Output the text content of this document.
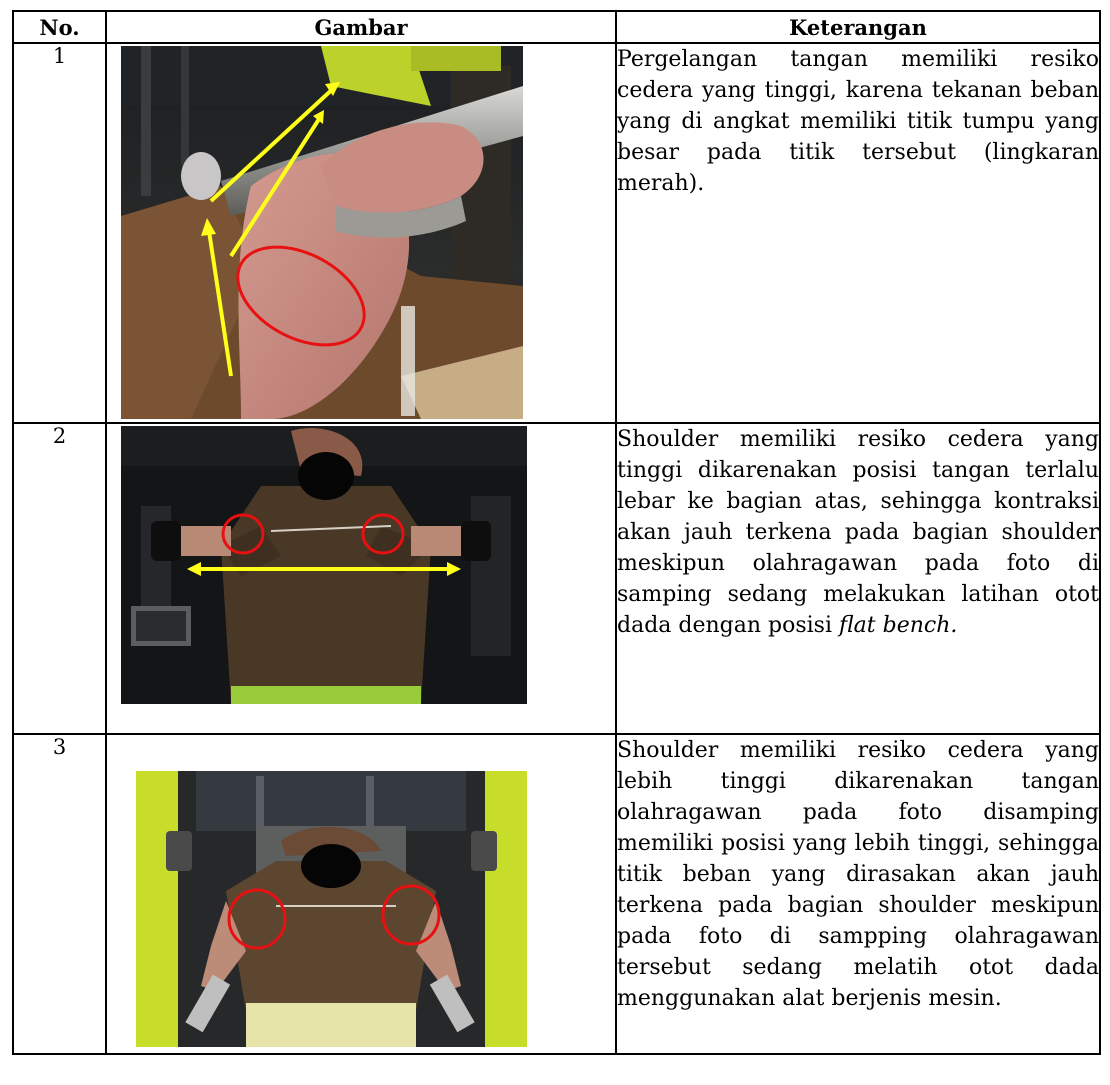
No.	Gambar	Keterangan
1		Pergelangan tangan memiliki resiko cedera yang tinggi, karena tekanan beban yang di angkat memiliki titik tumpu yang besar pada titik tersebut (lingkaran merah).
2		Shoulder memiliki resiko cedera yang tinggi dikarenakan posisi tangan terlalu lebar ke bagian atas, sehingga kontraksi akan jauh terkena pada bagian shoulder meskipun olahragawan pada foto di samping sedang melakukan latihan otot dada dengan posisi flat bench.
3		Shoulder memiliki resiko cedera yang lebih tinggi dikarenakan tangan olahragawan pada foto disamping memiliki posisi yang lebih tinggi, sehingga titik beban yang dirasakan akan jauh terkena pada bagian shoulder meskipun pada foto di sampping olahragawan tersebut sedang melatih otot dada menggunakan alat berjenis mesin.
